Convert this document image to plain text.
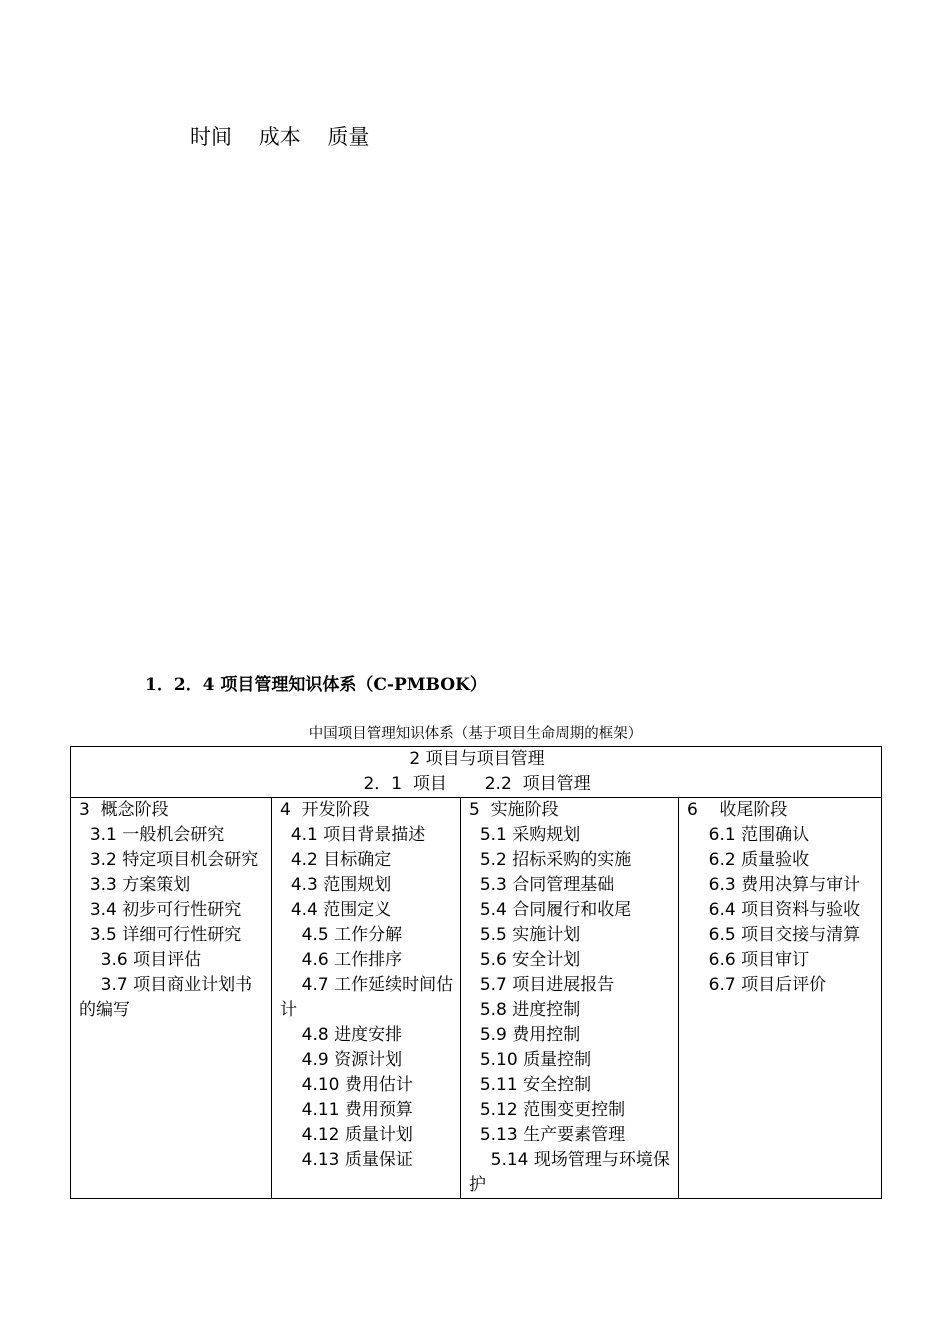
时间    成本    质量
1．2．4 项目管理知识体系（C-PMBOK）
中国项目管理知识体系（基于项目生命周期的框架）
2 项目与项目管理
2．1  项目       2.2  项目管理

3  概念阶段
3.1 一般机会研究
3.2 特定项目机会研究
3.3 方案策划
3.4 初步可行性研究
3.5 详细可行性研究
3.6 项目评估
3.7 项目商业计划书的编写

4  开发阶段
4.1 项目背景描述
4.2 目标确定
4.3 范围规划
4.4 范围定义
4.5 工作分解
4.6 工作排序
4.7 工作延续时间估计
4.8 进度安排
4.9 资源计划
4.10 费用估计
4.11 费用预算
4.12 质量计划
4.13 质量保证

5  实施阶段
5.1 采购规划
5.2 招标采购的实施
5.3 合同管理基础
5.4 合同履行和收尾
5.5 实施计划
5.6 安全计划
5.7 项目进展报告
5.8 进度控制
5.9 费用控制
5.10 质量控制
5.11 安全控制
5.12 范围变更控制
5.13 生产要素管理
5.14 现场管理与环境保护

6    收尾阶段
6.1 范围确认
6.2 质量验收
6.3 费用决算与审计
6.4 项目资料与验收
6.5 项目交接与清算
6.6 项目审订
6.7 项目后评价
